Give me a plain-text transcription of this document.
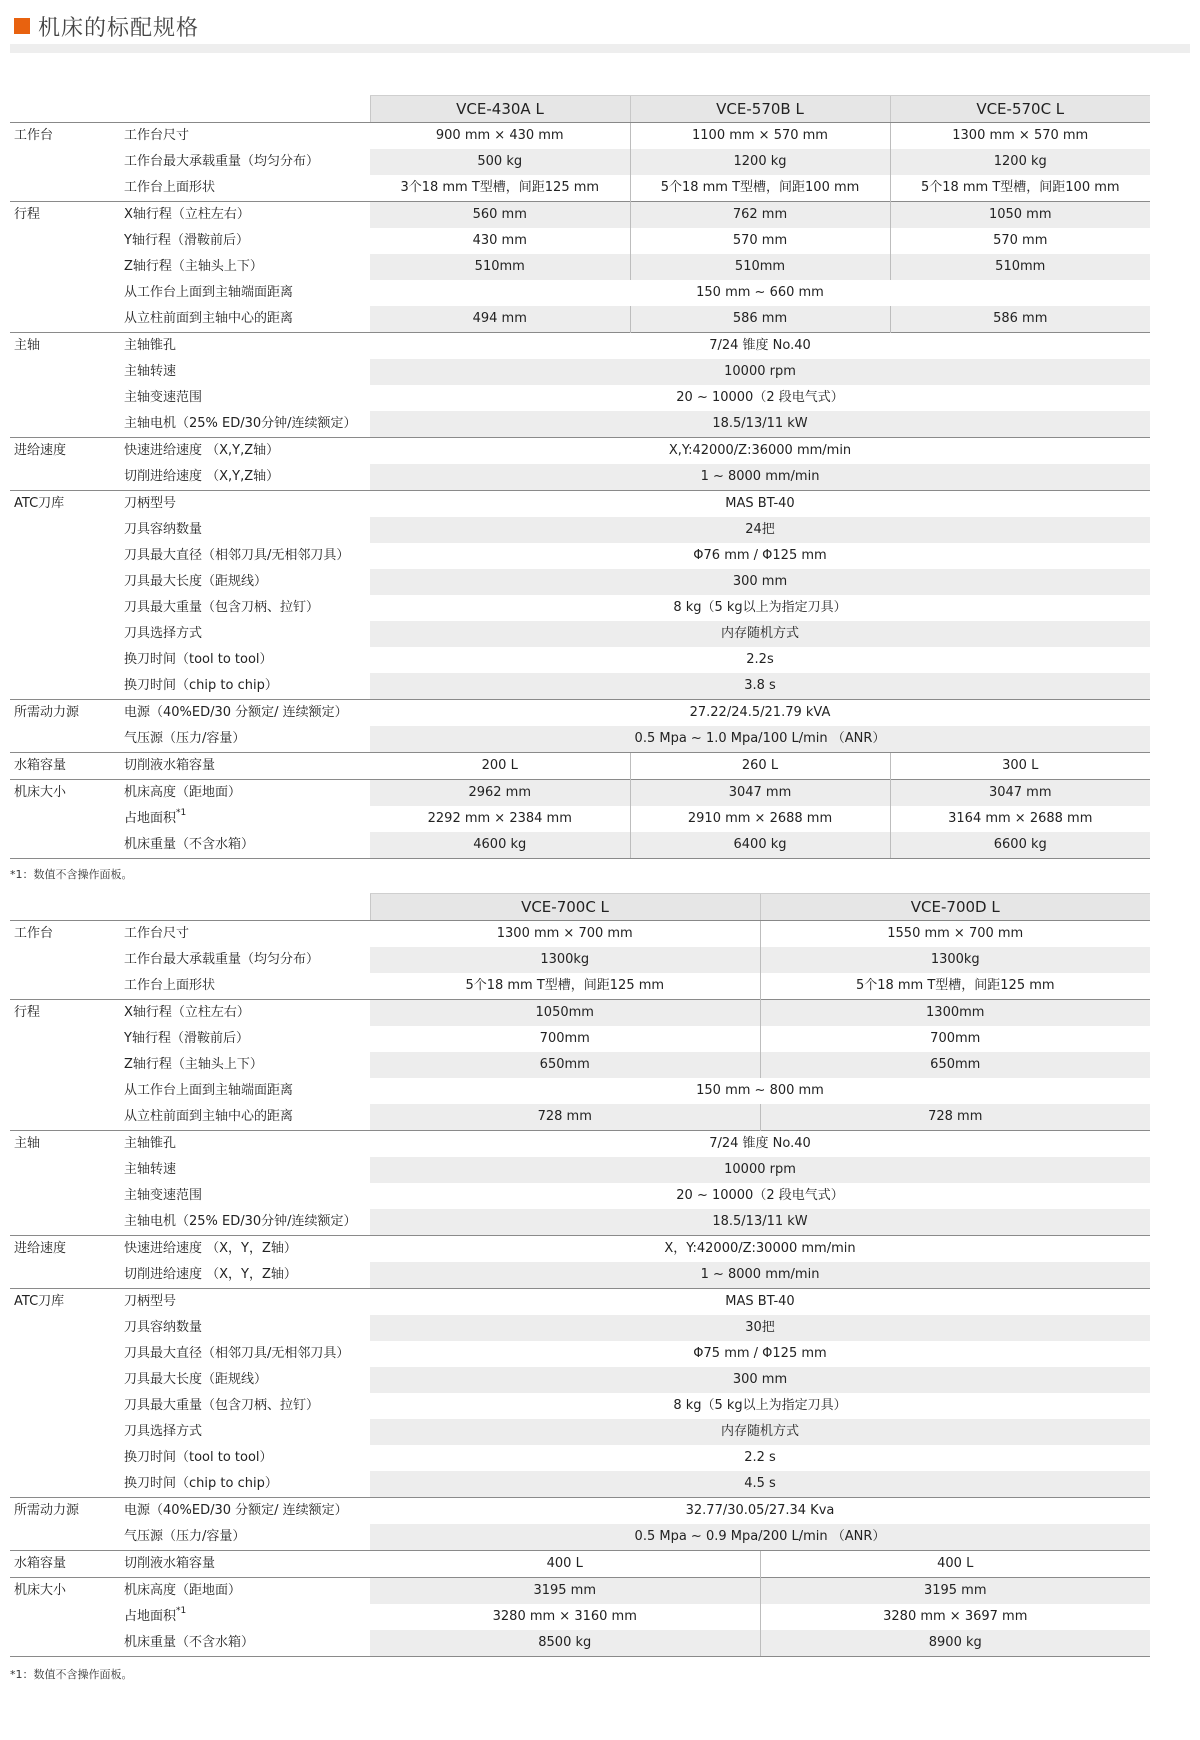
机床的标配规格
		VCE-430A L	VCE-570B L	VCE-570C L
工作台	工作台尺寸	900 mm × 430 mm	1100 mm × 570 mm	1300 mm × 570 mm
	工作台最大承载重量（均匀分布）	500 kg	1200 kg	1200 kg
	工作台上面形状	3个18 mm T型槽，间距125 mm	5个18 mm T型槽，间距100 mm	5个18 mm T型槽，间距100 mm
行程	X轴行程（立柱左右）	560 mm	762 mm	1050 mm
	Y轴行程（滑鞍前后）	430 mm	570 mm	570 mm
	Z轴行程（主轴头上下）	510mm	510mm	510mm
	从工作台上面到主轴端面距离	150 mm ~ 660 mm		
	从立柱前面到主轴中心的距离	494 mm	586 mm	586 mm
主轴	主轴锥孔	7/24 锥度 No.40		
	主轴转速	10000 rpm		
	主轴变速范围	20 ~ 10000（2 段电气式）		
	主轴电机（25% ED/30分钟/连续额定）	18.5/13/11 kW		
进给速度	快速进给速度 （X,Y,Z轴）	X,Y:42000/Z:36000 mm/min		
	切削进给速度 （X,Y,Z轴）	1 ~ 8000 mm/min		
ATC刀库	刀柄型号	MAS BT-40		
	刀具容纳数量	24把		
	刀具最大直径（相邻刀具/无相邻刀具）	Φ76 mm / Φ125 mm		
	刀具最大长度（距规线）	300 mm		
	刀具最大重量（包含刀柄、拉钉）	8 kg（5 kg以上为指定刀具）		
	刀具选择方式	内存随机方式		
	换刀时间（tool to tool）	2.2s		
	换刀时间（chip to chip）	3.8 s		
所需动力源	电源（40%ED/30 分额定/ 连续额定）	27.22/24.5/21.79 kVA		
	气压源（压力/容量）	0.5 Mpa ~ 1.0 Mpa/100 L/min （ANR）		
水箱容量	切削液水箱容量	200 L	260 L	300 L
机床大小	机床高度（距地面）	2962 mm	3047 mm	3047 mm
	占地面积$^{*1}$	2292 mm × 2384 mm	2910 mm × 2688 mm	3164 mm × 2688 mm
	机床重量（不含水箱）	4600 kg	6400 kg	6600 kg
*1：数值不含操作面板。
		VCE-700C L	VCE-700D L
工作台	工作台尺寸	1300 mm × 700 mm	1550 mm × 700 mm
	工作台最大承载重量（均匀分布）	1300kg	1300kg
	工作台上面形状	5个18 mm T型槽，间距125 mm	5个18 mm T型槽，间距125 mm
行程	X轴行程（立柱左右）	1050mm	1300mm
	Y轴行程（滑鞍前后）	700mm	700mm
	Z轴行程（主轴头上下）	650mm	650mm
	从工作台上面到主轴端面距离	150 mm ~ 800 mm	
	从立柱前面到主轴中心的距离	728 mm	728 mm
主轴	主轴锥孔	7/24 锥度 No.40	
	主轴转速	10000 rpm	
	主轴变速范围	20 ~ 10000（2 段电气式）	
	主轴电机（25% ED/30分钟/连续额定）	18.5/13/11 kW	
进给速度	快速进给速度 （X，Y，Z轴）	X，Y:42000/Z:30000 mm/min	
	切削进给速度 （X，Y，Z轴）	1 ~ 8000 mm/min	
ATC刀库	刀柄型号	MAS BT-40	
	刀具容纳数量	30把	
	刀具最大直径（相邻刀具/无相邻刀具）	Φ75 mm / Φ125 mm	
	刀具最大长度（距规线）	300 mm	
	刀具最大重量（包含刀柄、拉钉）	8 kg（5 kg以上为指定刀具）	
	刀具选择方式	内存随机方式	
	换刀时间（tool to tool）	2.2 s	
	换刀时间（chip to chip）	4.5 s	
所需动力源	电源（40%ED/30 分额定/ 连续额定）	32.77/30.05/27.34 Kva	
	气压源（压力/容量）	0.5 Mpa ~ 0.9 Mpa/200 L/min （ANR）	
水箱容量	切削液水箱容量	400 L	400 L
机床大小	机床高度（距地面）	3195 mm	3195 mm
	占地面积$^{*1}$	3280 mm × 3160 mm	3280 mm × 3697 mm
	机床重量（不含水箱）	8500 kg	8900 kg
*1：数值不含操作面板。
